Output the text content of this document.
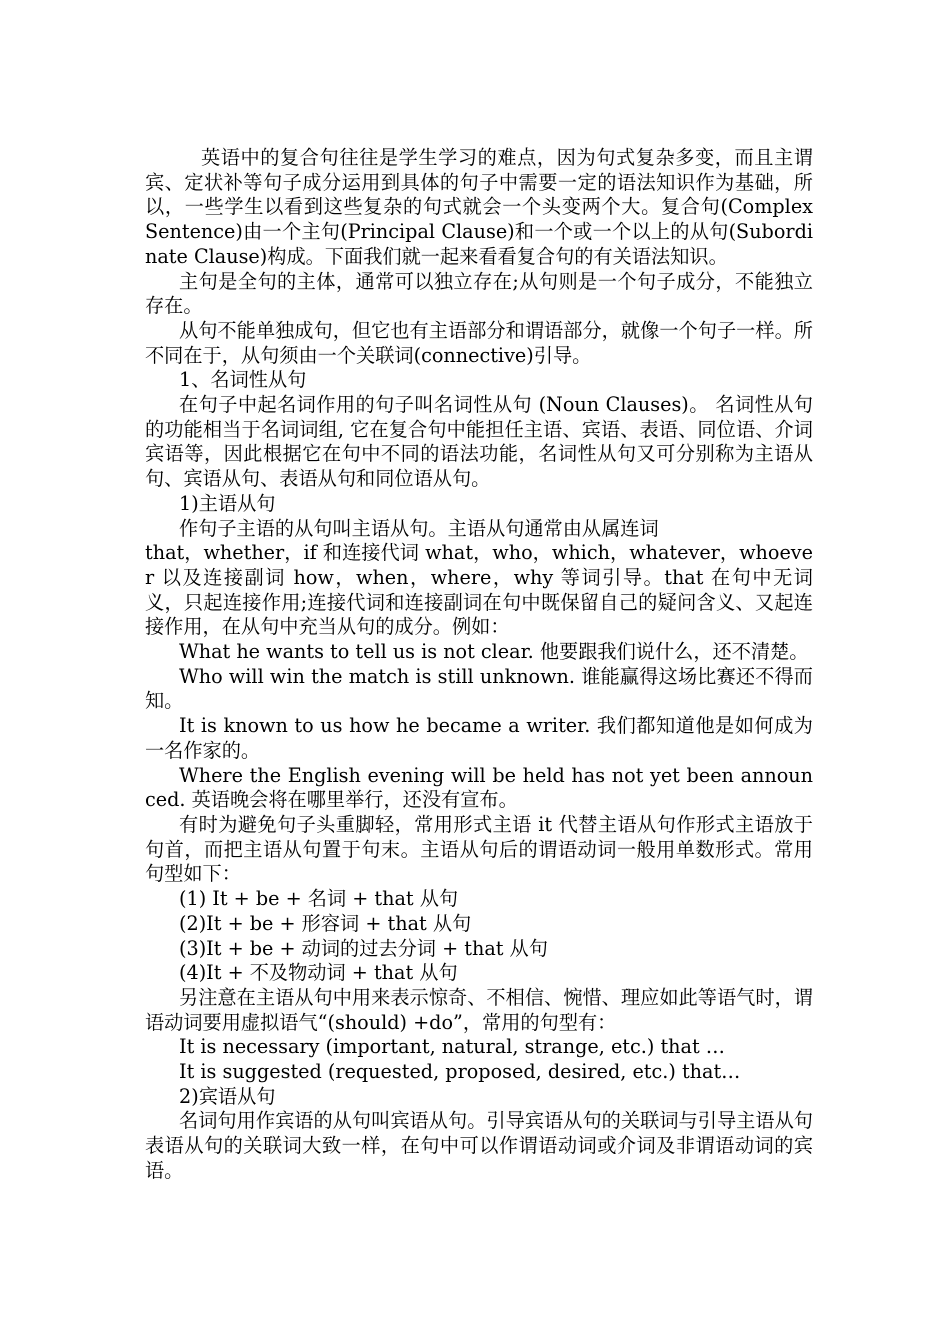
英语中的复合句往往是学生学习的难点，因为句式复杂多变，而且主谓宾、定状补等句子成分运用到具体的句子中需要一定的语法知识作为基础，所以，一些学生以看到这些复杂的句式就会一个头变两个大。复合句(Complex Sentence)由一个主句(Principal Clause)和一个或一个以上的从句(Subordinate Clause)构成。下面我们就一起来看看复合句的有关语法知识。

主句是全句的主体，通常可以独立存在;从句则是一个句子成分，不能独立存在。

从句不能单独成句，但它也有主语部分和谓语部分，就像一个句子一样。所不同在于，从句须由一个关联词(connective)引导。

1、名词性从句

在句子中起名词作用的句子叫名词性从句 (Noun Clauses)。 名词性从句的功能相当于名词词组, 它在复合句中能担任主语、宾语、表语、同位语、介词宾语等，因此根据它在句中不同的语法功能，名词性从句又可分别称为主语从句、宾语从句、表语从句和同位语从句。

1)主语从句

作句子主语的从句叫主语从句。主语从句通常由从属连词

that，whether，if 和连接代词 what，who，which，whatever，whoever 以及连接副词 how，when，where，why 等词引导。that 在句中无词义，只起连接作用;连接代词和连接副词在句中既保留自己的疑问含义、又起连接作用，在从句中充当从句的成分。例如：

What he wants to tell us is not clear. 他要跟我们说什么，还不清楚。

Who will win the match is still unknown. 谁能赢得这场比赛还不得而知。

It is known to us how he became a writer. 我们都知道他是如何成为一名作家的。

Where the English evening will be held has not yet been announced. 英语晚会将在哪里举行，还没有宣布。

有时为避免句子头重脚轻，常用形式主语 it 代替主语从句作形式主语放于句首，而把主语从句置于句末。主语从句后的谓语动词一般用单数形式。常用句型如下：

(1) It + be + 名词 + that 从句

(2)It + be + 形容词 + that 从句

(3)It + be + 动词的过去分词 + that 从句

(4)It + 不及物动词 + that 从句

另注意在主语从句中用来表示惊奇、不相信、惋惜、理应如此等语气时，谓语动词要用虚拟语气“(should) +do”，常用的句型有：

It is necessary (important, natural, strange, etc.) that …

It is suggested (requested, proposed, desired, etc.) that…

2)宾语从句

名词句用作宾语的从句叫宾语从句。引导宾语从句的关联词与引导主语从句表语从句的关联词大致一样，在句中可以作谓语动词或介词及非谓语动词的宾语。
